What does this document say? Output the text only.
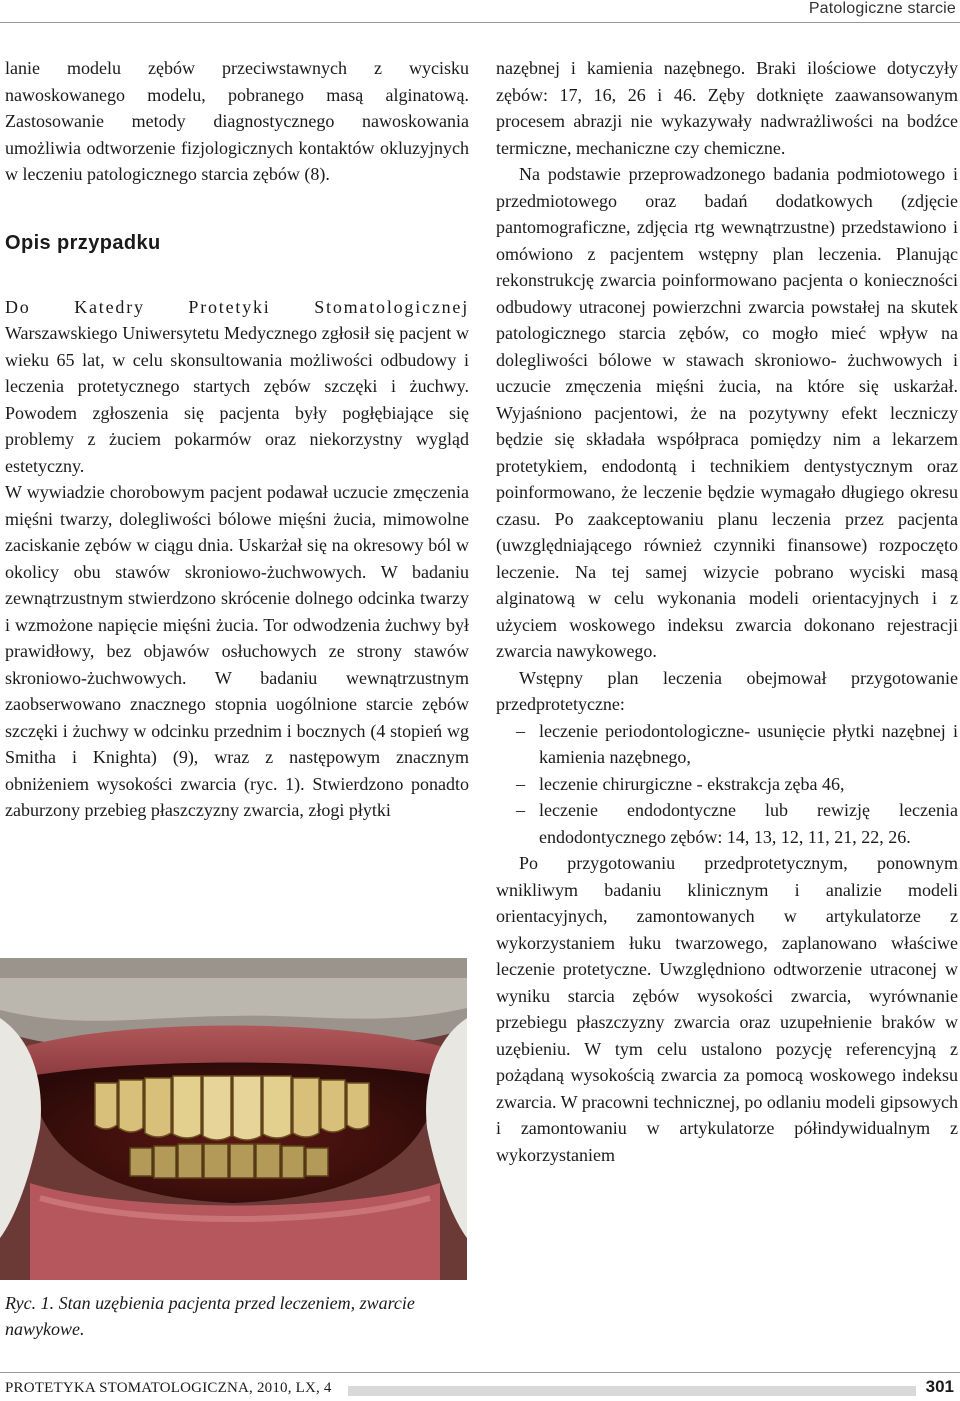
Patologiczne starcie

lanie modelu zębów przeciwstawnych z wycisku nawoskowanego modelu, pobranego masą alginatową. Zastosowanie metody diagnostycznego nawoskowania umożliwia odtworzenie fizjologicznych kontaktów okluzyjnych w leczeniu patologicznego starcia zębów (8).

Opis przypadku

Do Katedry Protetyki Stomatologicznej Warszawskiego Uniwersytetu Medycznego zgłosił się pacjent w wieku 65 lat, w celu skonsultowania możliwości odbudowy i leczenia protetycznego startych zębów szczęki i żuchwy. Powodem zgłoszenia się pacjenta były pogłębiające się problemy z żuciem pokarmów oraz niekorzystny wygląd estetyczny.

W wywiadzie chorobowym pacjent podawał uczucie zmęczenia mięśni twarzy, dolegliwości bólowe mięśni żucia, mimowolne zaciskanie zębów w ciągu dnia. Uskarżał się na okresowy ból w okolicy obu stawów skroniowo-żuchwowych. W badaniu zewnątrzustnym stwierdzono skrócenie dolnego odcinka twarzy i wzmożone napięcie mięśni żucia. Tor odwodzenia żuchwy był prawidłowy, bez objawów osłuchowych ze strony stawów skroniowo-żuchwowych. W badaniu wewnątrzustnym zaobserwowano znacznego stopnia uogólnione starcie zębów szczęki i żuchwy w odcinku przednim i bocznych (4 stopień wg Smitha i Knighta) (9), wraz z następowym znacznym obniżeniem wysokości zwarcia (ryc. 1). Stwierdzono ponadto zaburzony przebieg płaszczyzny zwarcia, złogi płytki

Ryc. 1. Stan uzębienia pacjenta przed leczeniem, zwarcie nawykowe.

nazębnej i kamienia nazębnego. Braki ilościowe dotyczyły zębów: 17, 16, 26 i 46. Zęby dotknięte zaawansowanym procesem abrazji nie wykazywały nadwrażliwości na bodźce termiczne, mechaniczne czy chemiczne.

Na podstawie przeprowadzonego badania podmiotowego i przedmiotowego oraz badań dodatkowych (zdjęcie pantomograficzne, zdjęcia rtg wewnątrzustne) przedstawiono i omówiono z pacjentem wstępny plan leczenia. Planując rekonstrukcję zwarcia poinformowano pacjenta o konieczności odbudowy utraconej powierzchni zwarcia powstałej na skutek patologicznego starcia zębów, co mogło mieć wpływ na dolegliwości bólowe w stawach skroniowo- żuchwowych i uczucie zmęczenia mięśni żucia, na które się uskarżał. Wyjaśniono pacjentowi, że na pozytywny efekt leczniczy będzie się składała współpraca pomiędzy nim a lekarzem protetykiem, endodontą i technikiem dentystycznym oraz poinformowano, że leczenie będzie wymagało długiego okresu czasu. Po zaakceptowaniu planu leczenia przez pacjenta (uwzględniającego również czynniki finansowe) rozpoczęto leczenie. Na tej samej wizycie pobrano wyciski masą alginatową w celu wykonania modeli orientacyjnych i z użyciem woskowego indeksu zwarcia dokonano rejestracji zwarcia nawykowego.

Wstępny plan leczenia obejmował przygotowanie przedprotetyczne:

– leczenie periodontologiczne- usunięcie płytki nazębnej i kamienia nazębnego,
– leczenie chirurgiczne - ekstrakcja zęba 46,
– leczenie endodontyczne lub rewizję leczenia endodontycznego zębów: 14, 13, 12, 11, 21, 22, 26.

Po przygotowaniu przedprotetycznym, ponownym wnikliwym badaniu klinicznym i analizie modeli orientacyjnych, zamontowanych w artykulatorze z wykorzystaniem łuku twarzowego, zaplanowano właściwe leczenie protetyczne. Uwzględniono odtworzenie utraconej w wyniku starcia zębów wysokości zwarcia, wyrównanie przebiegu płaszczyzny zwarcia oraz uzupełnienie braków w uzębieniu. W tym celu ustalono pozycję referencyjną z pożądaną wysokością zwarcia za pomocą woskowego indeksu zwarcia. W pracowni technicznej, po odlaniu modeli gipsowych i zamontowaniu w artykulatorze półindywidualnym z wykorzystaniem

PROTETYKA STOMATOLOGICZNA, 2010, LX, 4	301
